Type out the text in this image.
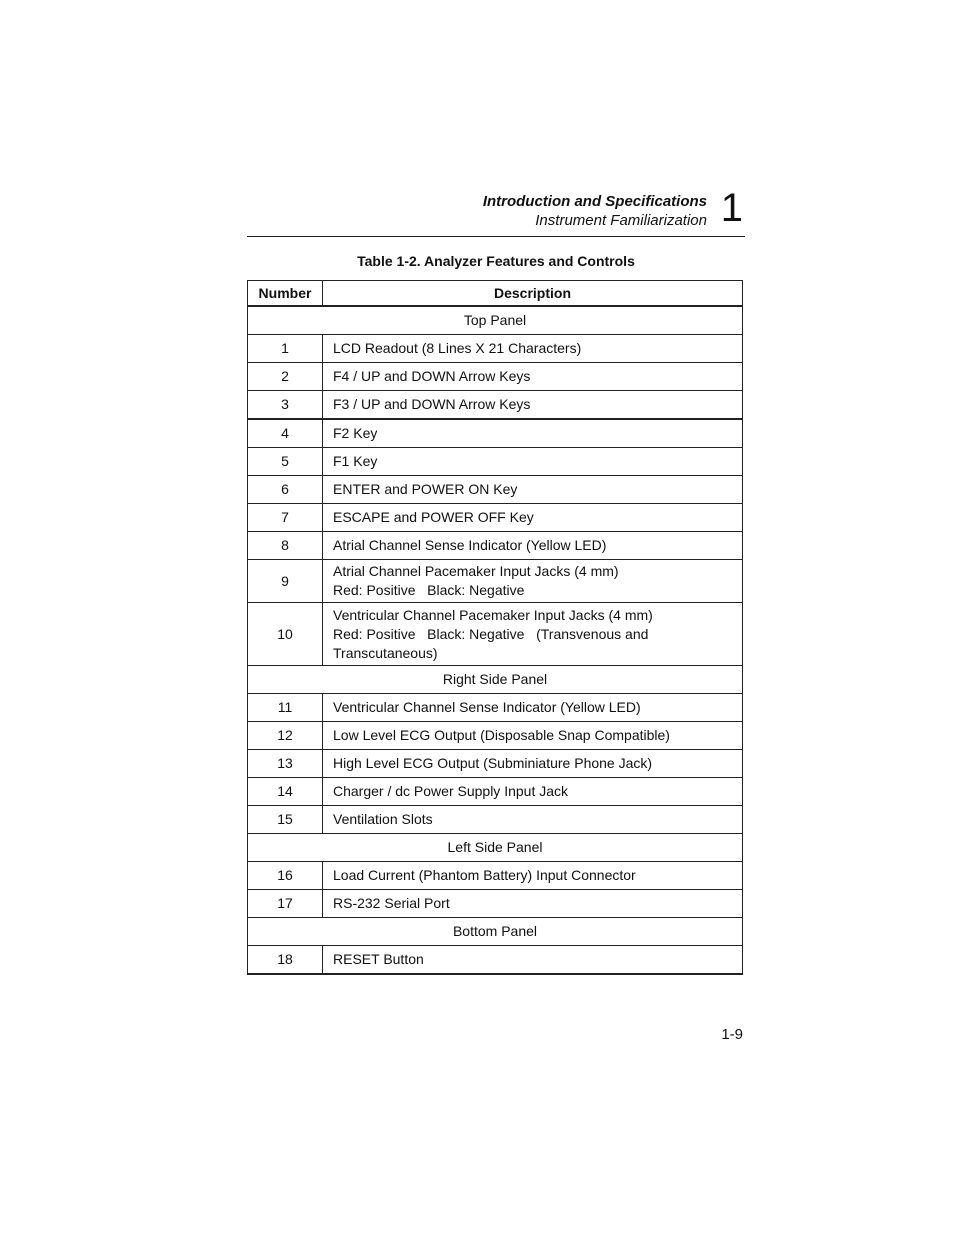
Introduction and Specifications
Instrument Familiarization 1
Table 1-2. Analyzer Features and Controls
Number	Description
Top Panel	
1	LCD Readout (8 Lines X 21 Characters)

2	F4 / UP and DOWN Arrow Keys

3	F3 / UP and DOWN Arrow Keys

4	F2 Key

5	F1 Key

6	ENTER and POWER ON Key

7	ESCAPE and POWER OFF Key

8	Atrial Channel Sense Indicator (Yellow LED)

9	Atrial Channel Pacemaker Input Jacks (4 mm)
Red: Positive   Black: Negative

10	Ventricular Channel Pacemaker Input Jacks (4 mm)
Red: Positive   Black: Negative   (Transvenous and
Transcutaneous)

Right Side Panel	
11	Ventricular Channel Sense Indicator (Yellow LED)

12	Low Level ECG Output (Disposable Snap Compatible)

13	High Level ECG Output (Subminiature Phone Jack)

14	Charger / dc Power Supply Input Jack

15	Ventilation Slots

Left Side Panel	
16	Load Current (Phantom Battery) Input Connector

17	RS-232 Serial Port

Bottom Panel	
18	RESET Button
1-9
